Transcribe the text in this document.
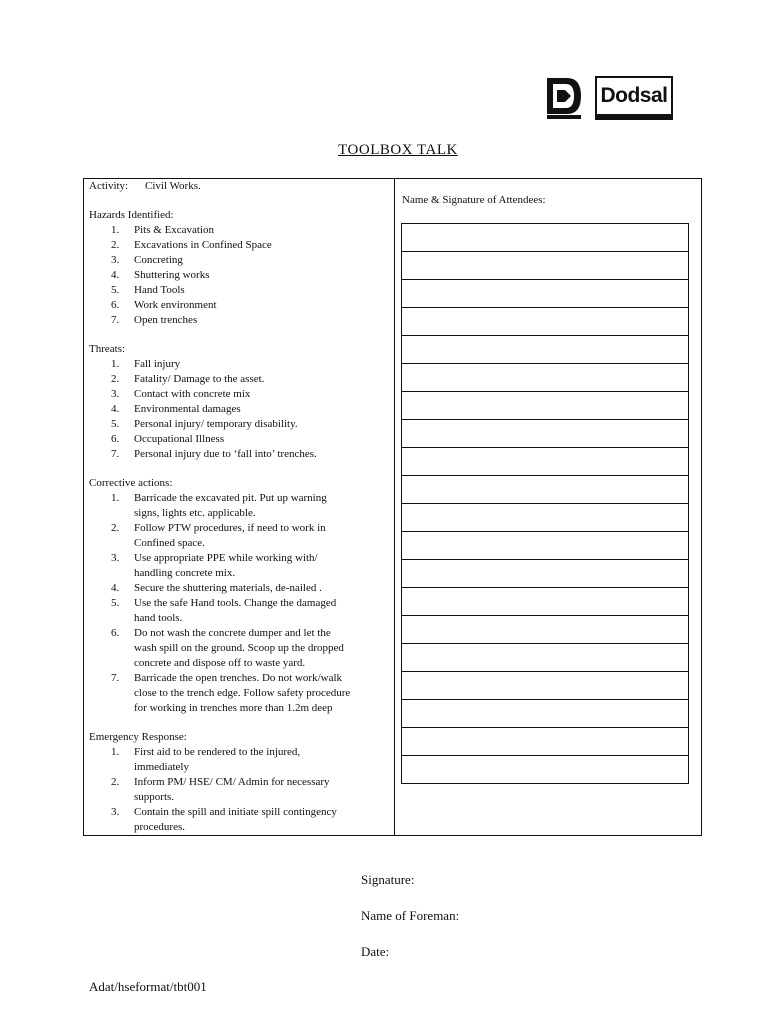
Dodsal
TOOLBOX TALK
Activity: Civil Works.
Hazards Identified:
1. Pits & Excavation
2. Excavations in Confined Space
3. Concreting
4. Shuttering works
5. Hand Tools
6. Work environment
7. Open trenches
Threats:
1. Fall injury
2. Fatality/ Damage to the asset.
3. Contact with concrete mix
4. Environmental damages
5. Personal injury/ temporary disability.
6. Occupational Illness
7. Personal injury due to ‘fall into’ trenches.
Corrective actions:
1. Barricade the excavated pit. Put up warning
signs, lights etc. applicable.
2. Follow PTW procedures, if need to work in
Confined space.
3. Use appropriate PPE while working with/
handling concrete mix.
4. Secure the shuttering materials, de-nailed .
5. Use the safe Hand tools. Change the damaged
hand tools.
6. Do not wash the concrete dumper and let the
wash spill on the ground. Scoop up the dropped
concrete and dispose off to waste yard.
7. Barricade the open trenches. Do not work/walk
close to the trench edge. Follow safety procedure
for working in trenches more than 1.2m deep
Emergency Response:
1. First aid to be rendered to the injured,
immediately
2. Inform PM/ HSE/ CM/ Admin for necessary
supports.
3. Contain the spill and initiate spill contingency
procedures.
Name & Signature of Attendees:
Signature:
Name of Foreman:
Date:
Adat/hseformat/tbt001
